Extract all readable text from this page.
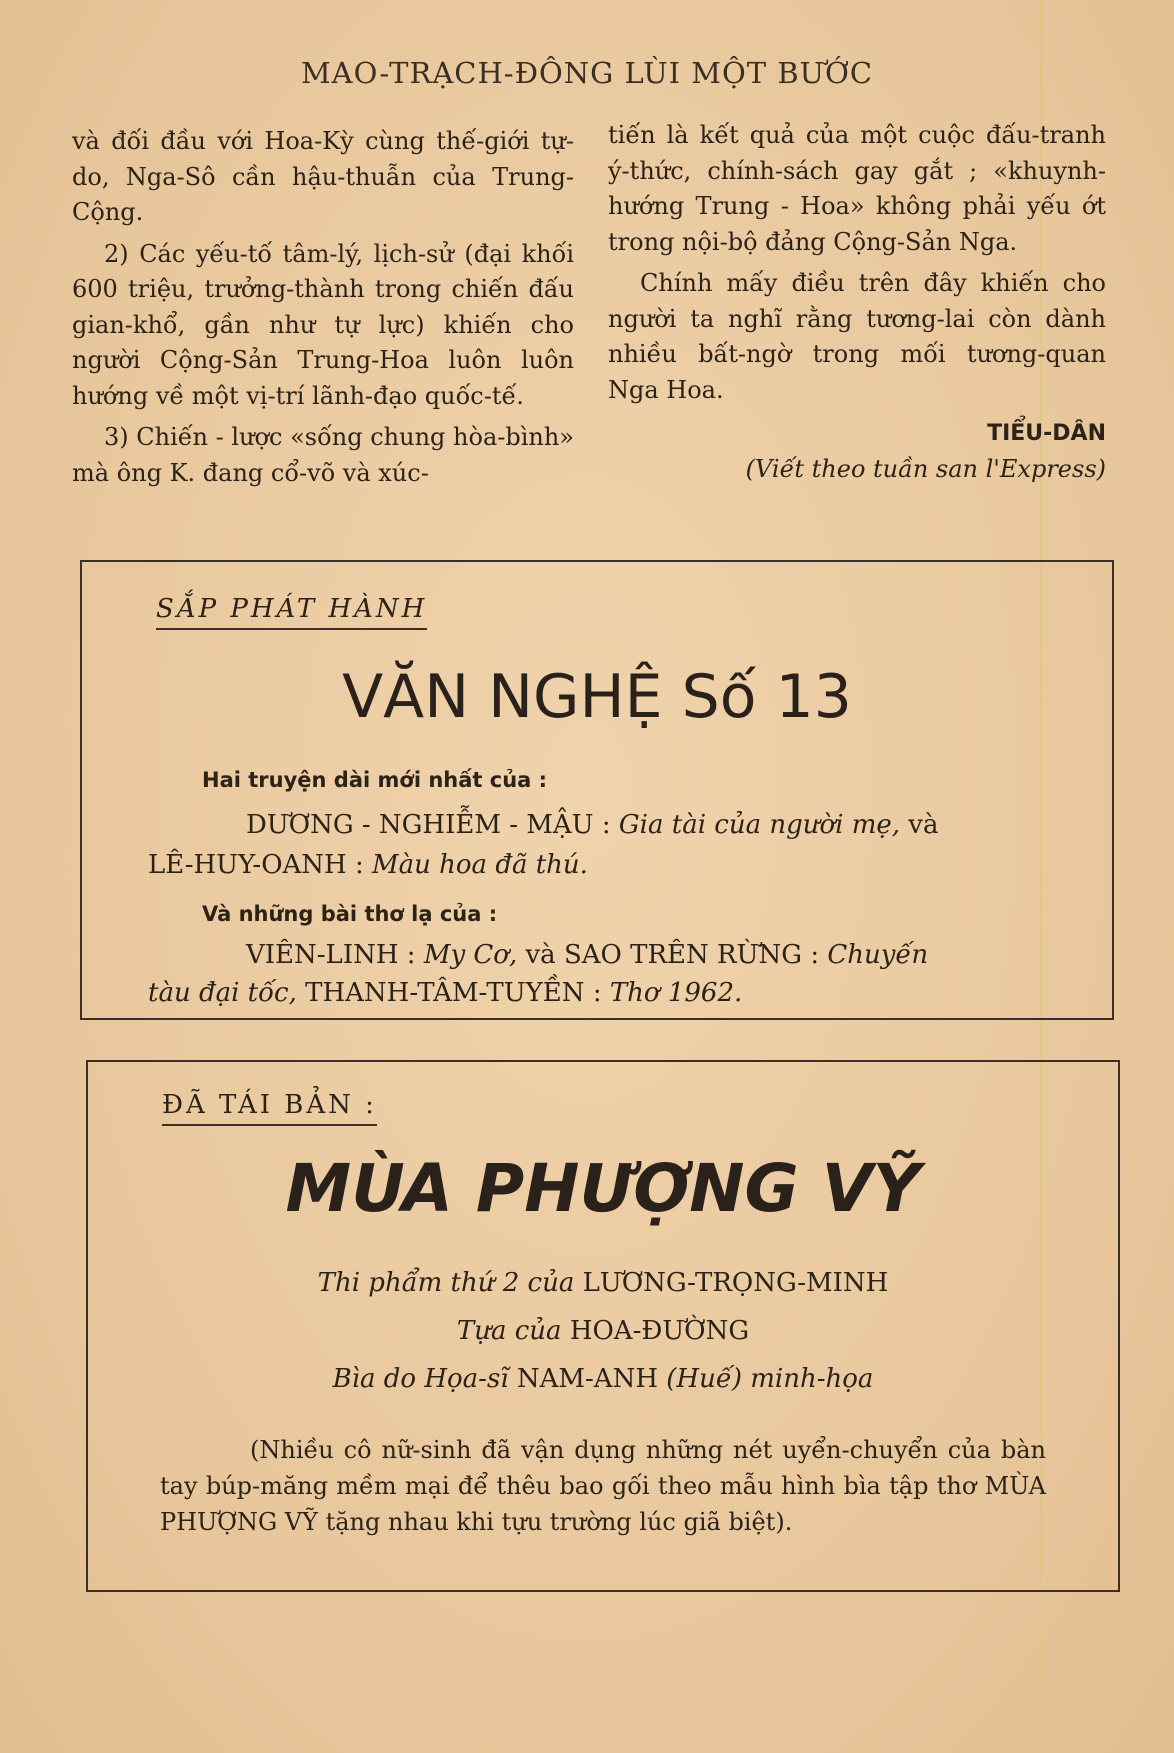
MAO-TRẠCH-ĐÔNG LÙI MỘT BƯỚC

và đối đầu với Hoa-Kỳ cùng thế-giới tự-do, Nga-Sô cần hậu-thuẫn của Trung-Cộng.

2) Các yếu-tố tâm-lý, lịch-sử (đại khối 600 triệu, trưởng-thành trong chiến đấu gian-khổ, gần như tự lực) khiến cho người Cộng-Sản Trung-Hoa luôn luôn hướng về một vị-trí lãnh-đạo quốc-tế.

3) Chiến - lược «sống chung hòa-bình» mà ông K. đang cổ-võ và xúc-

tiến là kết quả của một cuộc đấu-tranh ý-thức, chính-sách gay gắt ; «khuynh-hướng Trung - Hoa» không phải yếu ớt trong nội-bộ đảng Cộng-Sản Nga.

Chính mấy điều trên đây khiến cho người ta nghĩ rằng tương-lai còn dành nhiều bất-ngờ trong mối tương-quan Nga Hoa.

TIỂU-DÂN
(Viết theo tuần san l'Express)
SẮP PHÁT HÀNH
VĂN NGHỆ Số 13
Hai truyện dài mới nhất của :
DƯƠNG - NGHIỄM - MẬU : Gia tài của người mẹ, và
LÊ-HUY-OANH : Màu hoa đã thú.
Và những bài thơ lạ của :
VIÊN-LINH : My Cơ, và SAO TRÊN RỪNG : Chuyến
tàu đại tốc, THANH-TÂM-TUYỀN : Thơ 1962.
ĐÃ TÁI BẢN :
MÙA PHƯỢNG VỸ
Thi phẩm thứ 2 của LƯƠNG-TRỌNG-MINH
Tựa của HOA-ĐƯỜNG
Bìa do Họa-sĩ NAM-ANH (Huế) minh-họa
(Nhiều cô nữ-sinh đã vận dụng những nét uyển-chuyển của bàn tay búp-măng mềm mại để thêu bao gối theo mẫu hình bìa tập thơ MÙA PHƯỢNG VỸ tặng nhau khi tựu trường lúc giã biệt).
